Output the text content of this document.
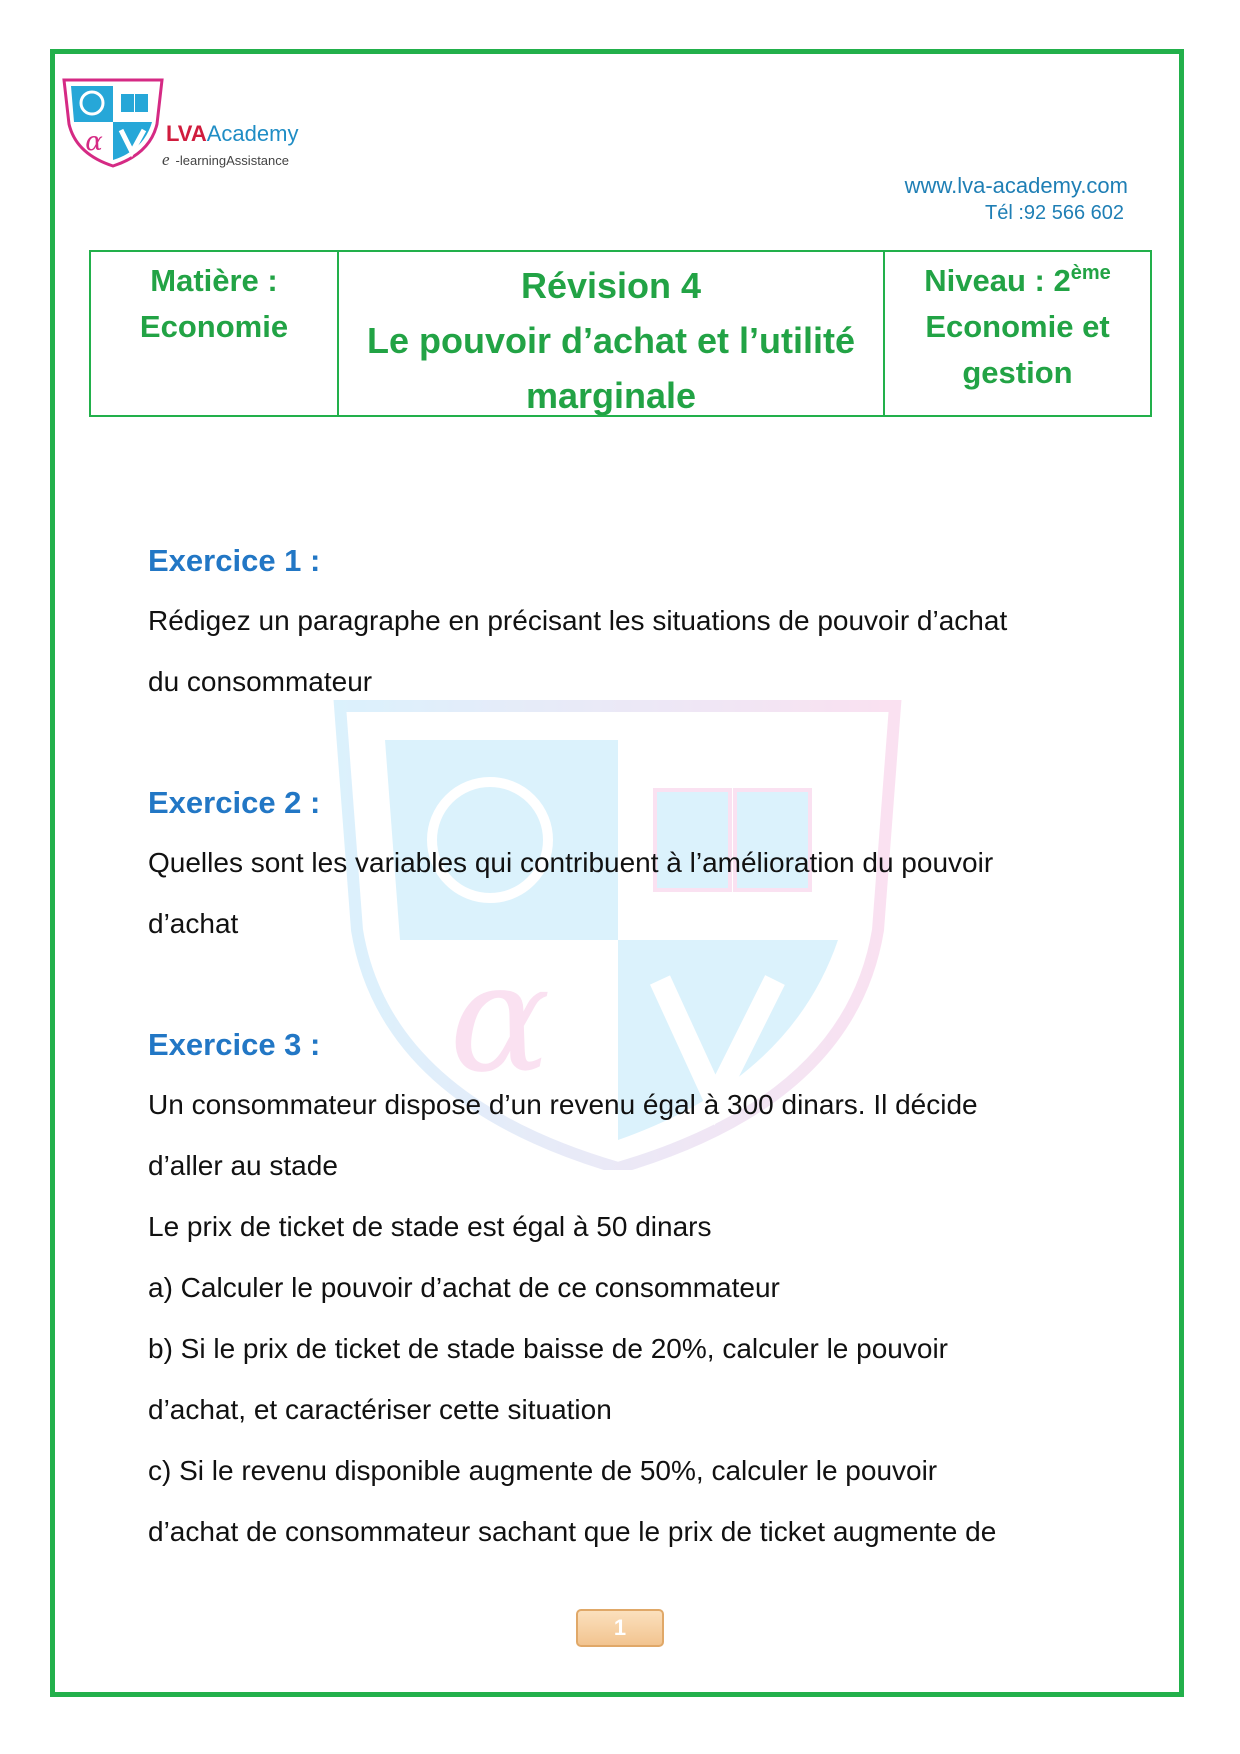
α	LVAAcademy
e -learningAssistance
www.lva-academy.com
Tél :92 566 602
Matière :
Economie
Révision 4
Le pouvoir d’achat et l’utilité
marginale
Niveau : 2ème
Economie et
gestion
α
Exercice 1 :

Rédigez un paragraphe en précisant les situations de pouvoir d’achat

du consommateur

Exercice 2 :

Quelles sont les variables qui contribuent à l’amélioration du pouvoir

d’achat

Exercice 3 :

Un consommateur dispose d’un revenu égal à 300 dinars. Il décide

d’aller au stade

Le prix de ticket de stade est égal à 50 dinars

a) Calculer le pouvoir d’achat de ce consommateur

b) Si le prix de ticket de stade baisse de 20%, calculer le pouvoir

d’achat, et caractériser cette situation

c) Si le revenu disponible augmente de 50%, calculer le pouvoir

d’achat de consommateur sachant que le prix de ticket augmente de

1
